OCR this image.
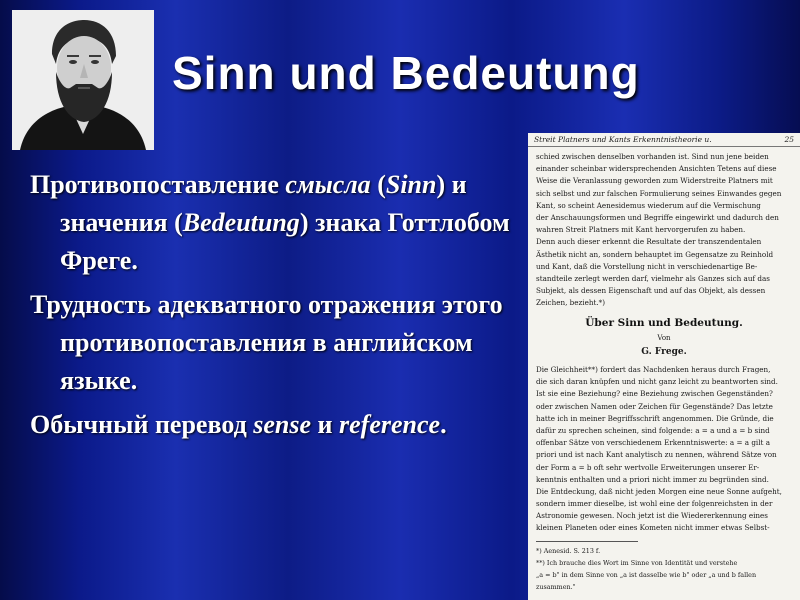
Sinn und Bedeutung

Противопоставление смысла (Sinn) и значения (Bedeutung) знака Готтлобом Фреге.

Трудность адекватного отражения этого противопоставления в английском языке.

Обычный перевод sense и reference.

Streit Platners und Kants Erkenntnistheorie u.	25
schied zwischen denselben vorhanden ist. Sind nun jene beiden
einander scheinbar widersprechenden Ansichten Tetens auf diese
Weise die Veranlassung geworden zum Widerstreite Platners mit
sich selbst und zur falschen Formulierung seines Einwandes gegen
Kant, so scheint Aenesidemus wiederum auf die Vermischung
der Anschauungsformen und Begriffe eingewirkt und dadurch den
wahren Streit Platners mit Kant hervorgerufen zu haben.
Denn auch dieser erkennt die Resultate der transzendentalen
Ästhetik nicht an, sondern behauptet im Gegensatze zu Reinhold
und Kant, daß die Vorstellung nicht in verschiedenartige Be-
standteile zerlegt werden darf, vielmehr als Ganzes sich auf das
Subjekt, als dessen Eigenschaft und auf das Objekt, als dessen
Zeichen, bezieht.*)
Über Sinn und Bedeutung.
Von
G. Frege.
Die Gleichheit**) fordert das Nachdenken heraus durch Fragen,
die sich daran knüpfen und nicht ganz leicht zu beantworten sind.
Ist sie eine Beziehung? eine Beziehung zwischen Gegenständen?
oder zwischen Namen oder Zeichen für Gegenstände? Das letzte
hatte ich in meiner Begriffsschrift angenommen. Die Gründe, die
dafür zu sprechen scheinen, sind folgende: a = a und a = b sind
offenbar Sätze von verschiedenem Erkenntniswerte: a = a gilt a
priori und ist nach Kant analytisch zu nennen, während Sätze von
der Form a = b oft sehr wertvolle Erweiterungen unserer Er-
kenntnis enthalten und a priori nicht immer zu begründen sind.
Die Entdeckung, daß nicht jeden Morgen eine neue Sonne aufgeht,
sondern immer dieselbe, ist wohl eine der folgenreichsten in der
Astronomie gewesen. Noch jetzt ist die Wiedererkennung eines
kleinen Planeten oder eines Kometen nicht immer etwas Selbst-
*) Aenesid. S. 213 f.
**) Ich brauche dies Wort im Sinne von Identität und verstehe
„a = b" in dem Sinne von „a ist dasselbe wie b" oder „a und b fallen
zusammen."
